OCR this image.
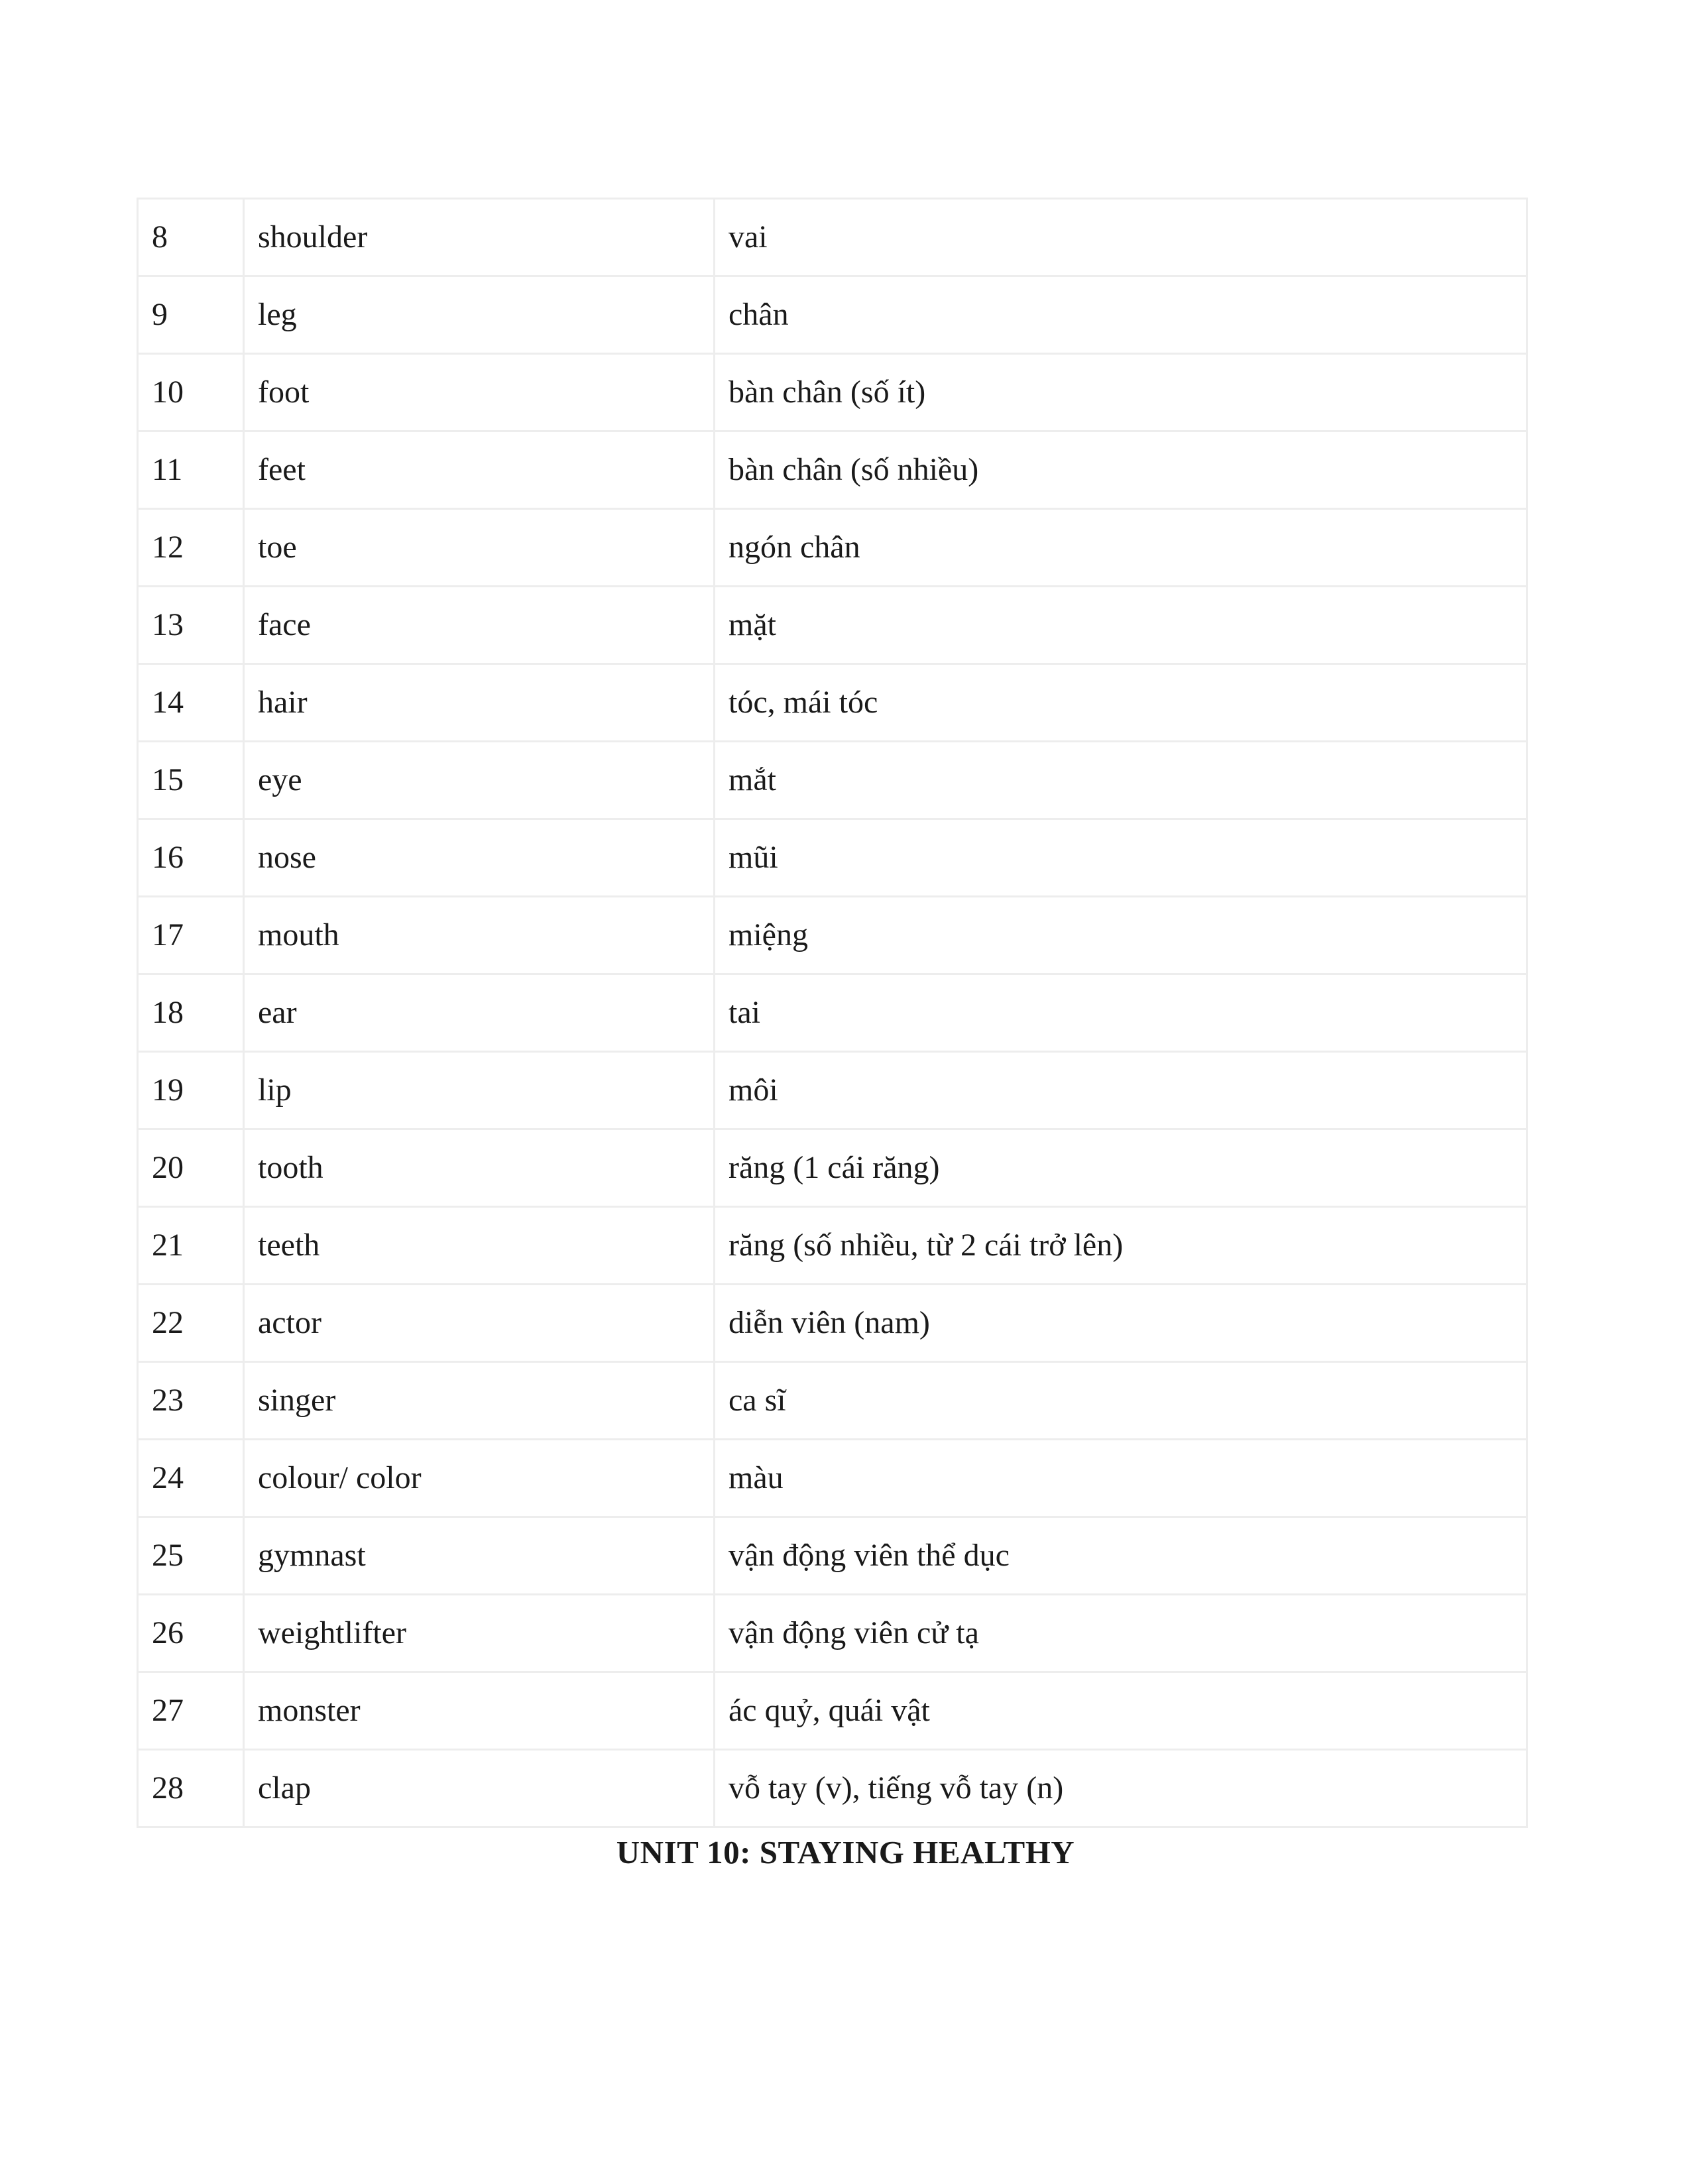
8	shoulder	vai
9	leg	chân
10	foot	bàn chân (số ít)
11	feet	bàn chân (số nhiều)
12	toe	ngón chân
13	face	mặt
14	hair	tóc, mái tóc
15	eye	mắt
16	nose	mũi
17	mouth	miệng
18	ear	tai
19	lip	môi
20	tooth	răng (1 cái răng)
21	teeth	răng (số nhiều, từ 2 cái trở lên)
22	actor	diễn viên (nam)
23	singer	ca sĩ
24	colour/ color	màu
25	gymnast	vận động viên thể dục
26	weightlifter	vận động viên cử tạ
27	monster	ác quỷ, quái vật
28	clap	vỗ tay (v), tiếng vỗ tay (n)
UNIT 10: STAYING HEALTHY
